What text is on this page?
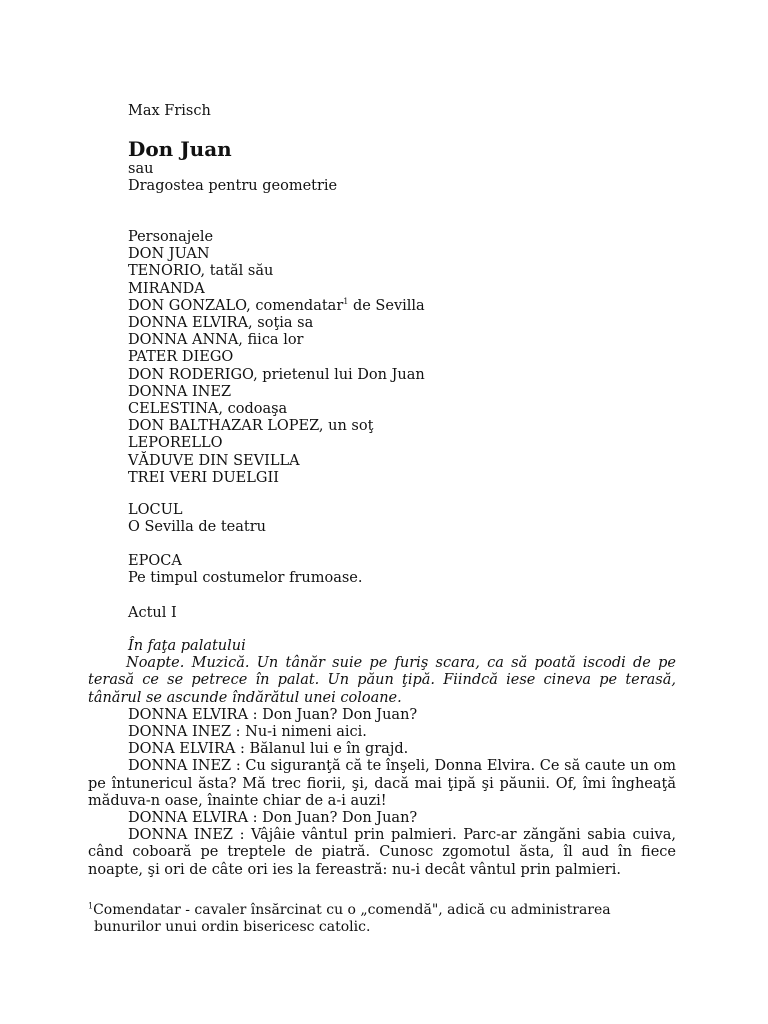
Max Frisch
Don Juan
sau
Dragostea pentru geometrie
Personajele
DON JUAN
TENORIO, tatăl său
MIRANDA
DON GONZALO, comendatar$^1$ de Sevilla
DONNA ELVIRA, soţia sa
DONNA ANNA, fiica lor
PATER DIEGO
DON RODERIGO, prietenul lui Don Juan
DONNA INEZ
CELESTINA, codoaşa
DON BALTHAZAR LOPEZ, un soţ
LEPORELLO
VĂDUVE DIN SEVILLA
TREI VERI DUELGII
LOCUL
O Sevilla de teatru
EPOCA
Pe timpul costumelor frumoase.
Actul I
În faţa palatului
Noapte. Muzică. Un tânăr suie pe furiş scara, ca să poată iscodi de pe terasă ce se petrece în palat. Un păun ţipă. Fiindcă iese cineva pe terasă, tânărul se ascunde îndărătul unei coloane.
DONNA ELVIRA : Don Juan? Don Juan?
DONNA INEZ : Nu-i nimeni aici.
DONA ELVIRA : Bălanul lui e în grajd.
DONNA INEZ : Cu siguranţă că te înşeli, Donna Elvira. Ce să caute un om pe întunericul ăsta? Mă trec fiorii, şi, dacă mai ţipă şi păunii. Of, îmi îngheaţă măduva-n oase, înainte chiar de a-i auzi!
DONNA ELVIRA : Don Juan? Don Juan?
DONNA INEZ : Vâjâie vântul prin palmieri. Parc-ar zăngăni sabia cuiva, când coboară pe treptele de piatră. Cunosc zgomotul ăsta, îl aud în fiece noapte, şi ori de câte ori ies la fereastră: nu-i decât vântul prin palmieri.
$^1$Comendatar - cavaler însărcinat cu o „comendă", adică cu administrarea
bunurilor unui ordin bisericesc catolic.
